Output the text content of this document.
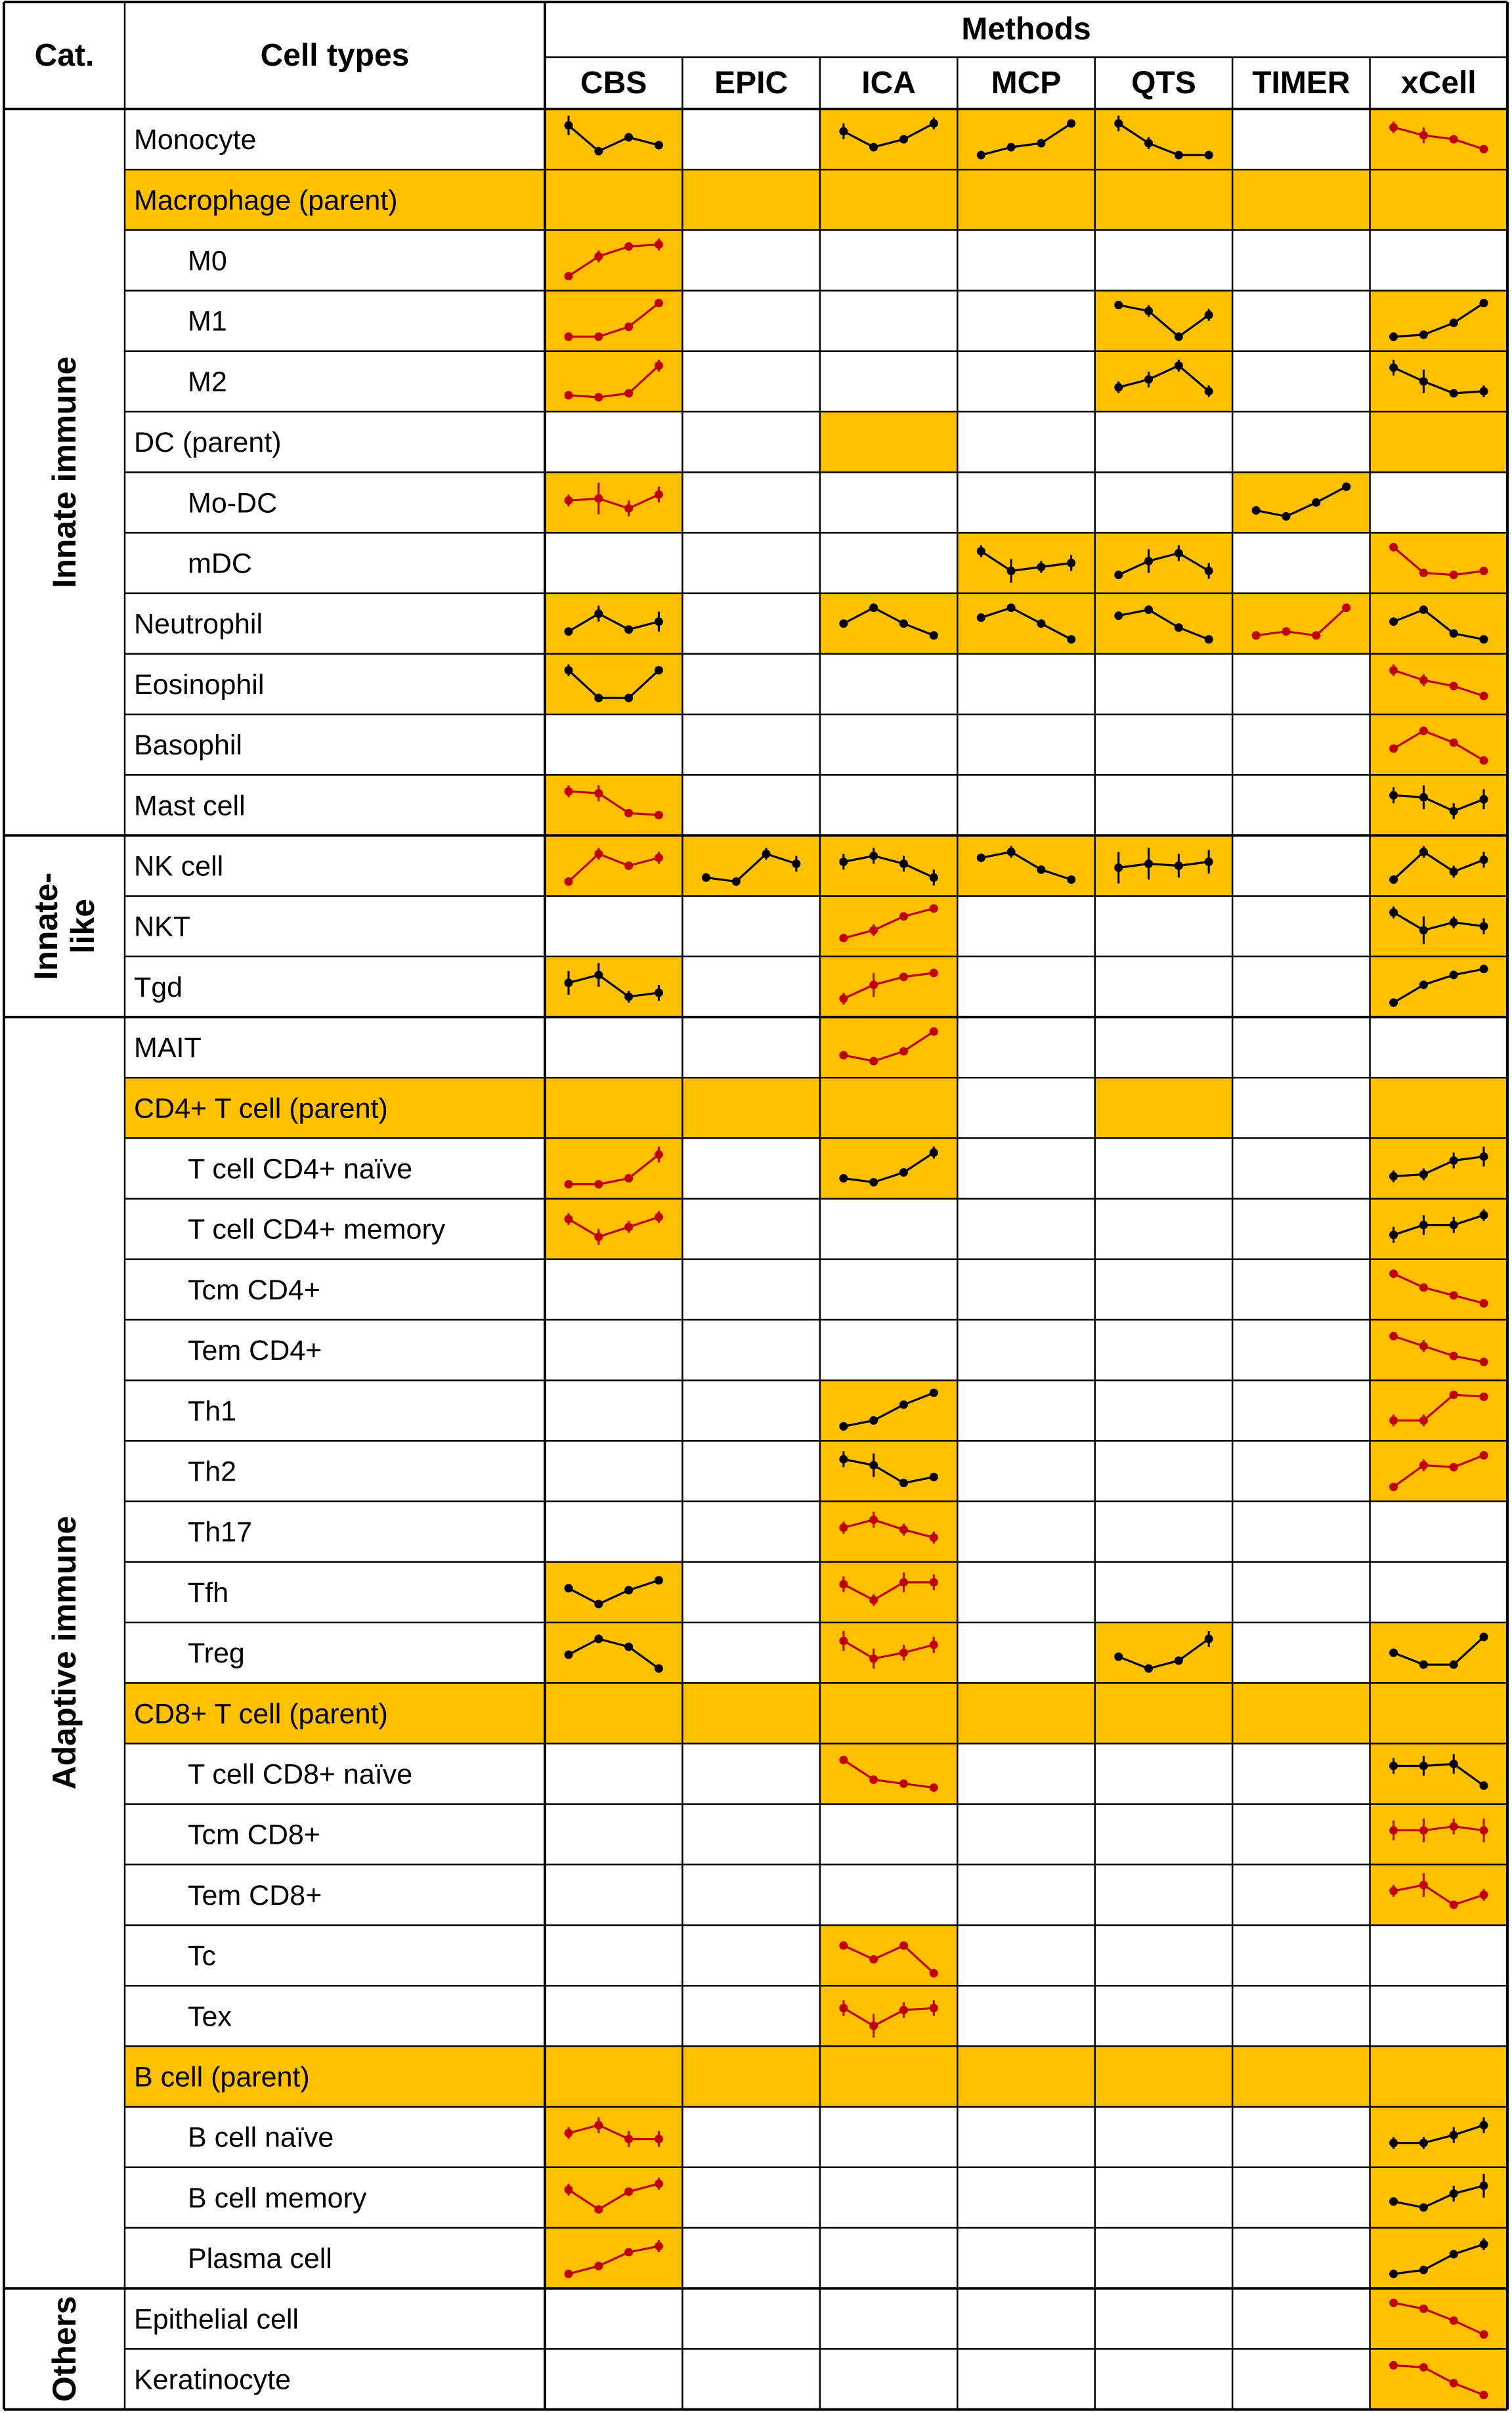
Cat.	Cell types
Methods
CBS EPIC ICA MCP QTS TIMER xCell
Innate immune
Innate- like
Adaptive immune
Others
Monocyte
Macrophage (parent)
M0
M1
M2
DC (parent)
Mo-DC
mDC
Neutrophil
Eosinophil
Basophil
Mast cell
NK cell
NKT
Tgd
MAIT
CD4+ T cell (parent)
T cell CD4+ naïve
T cell CD4+ memory
Tcm CD4+
Tem CD4+
Th1
Th2
Th17
Tfh
Treg
CD8+ T cell (parent)
T cell CD8+ naïve
Tcm CD8+
Tem CD8+
Tc
Tex
B cell (parent)
B cell naïve
B cell memory
Plasma cell
Epithelial cell
Keratinocyte
